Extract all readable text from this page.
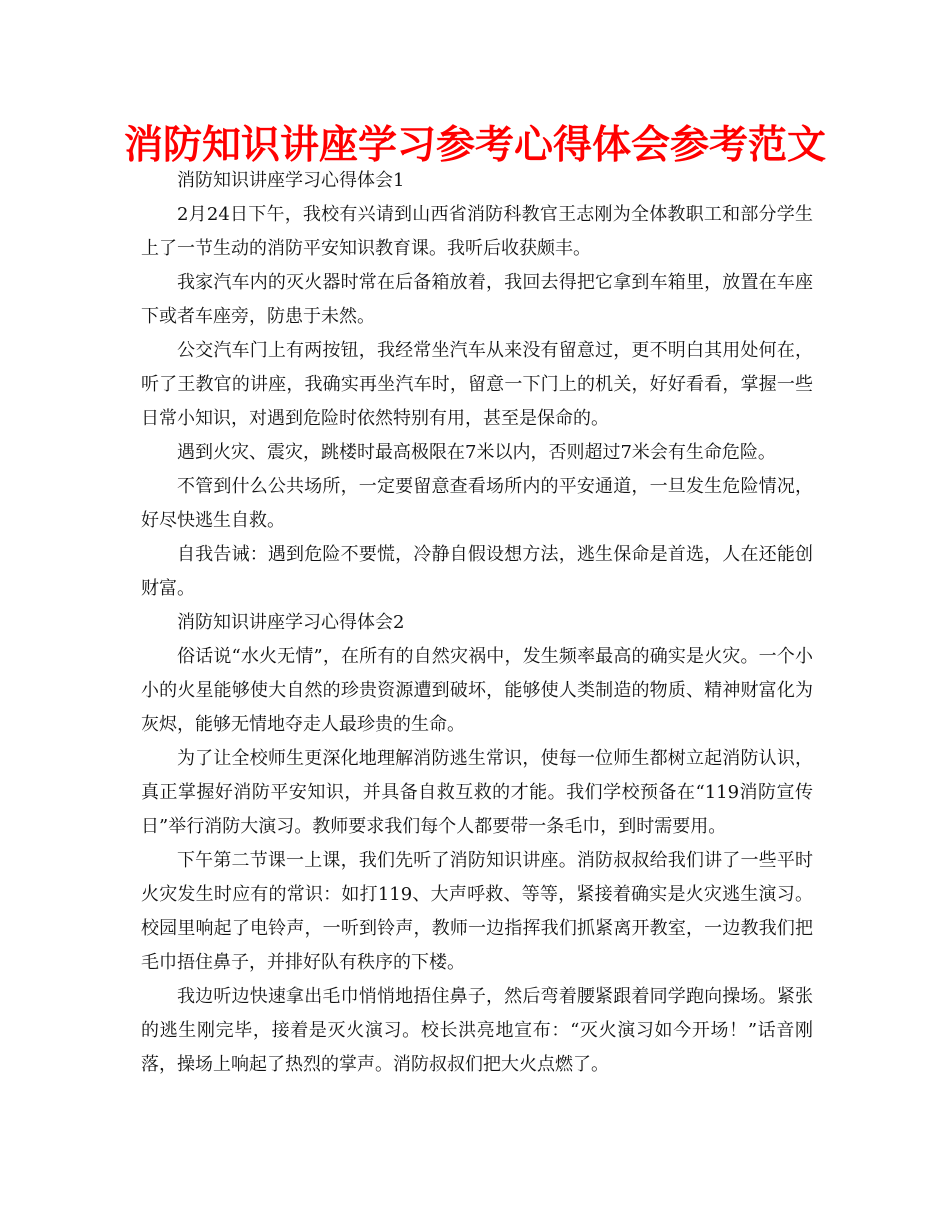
消防知识讲座学习参考心得体会参考范文

消防知识讲座学习心得体会1

2月24日下午，我校有兴请到山西省消防科教官王志刚为全体教职工和部分学生上了一节生动的消防平安知识教育课。我听后收获颇丰。

我家汽车内的灭火器时常在后备箱放着，我回去得把它拿到车箱里，放置在车座下或者车座旁，防患于未然。

公交汽车门上有两按钮，我经常坐汽车从来没有留意过，更不明白其用处何在，听了王教官的讲座，我确实再坐汽车时，留意一下门上的机关，好好看看，掌握一些日常小知识，对遇到危险时依然特别有用，甚至是保命的。

遇到火灾、震灾，跳楼时最高极限在7米以内，否则超过7米会有生命危险。

不管到什么公共场所，一定要留意查看场所内的平安通道，一旦发生危险情况，好尽快逃生自救。

自我告诫：遇到危险不要慌，冷静自假设想方法，逃生保命是首选，人在还能创财富。

消防知识讲座学习心得体会2

俗话说“水火无情”，在所有的自然灾祸中，发生频率最高的确实是火灾。一个小小的火星能够使大自然的珍贵资源遭到破坏，能够使人类制造的物质、精神财富化为灰烬，能够无情地夺走人最珍贵的生命。

为了让全校师生更深化地理解消防逃生常识，使每一位师生都树立起消防认识，真正掌握好消防平安知识，并具备自救互救的才能。我们学校预备在“119消防宣传日”举行消防大演习。教师要求我们每个人都要带一条毛巾，到时需要用。

下午第二节课一上课，我们先听了消防知识讲座。消防叔叔给我们讲了一些平时火灾发生时应有的常识：如打119、大声呼救、等等，紧接着确实是火灾逃生演习。校园里响起了电铃声，一听到铃声，教师一边指挥我们抓紧离开教室，一边教我们把毛巾捂住鼻子，并排好队有秩序的下楼。

我边听边快速拿出毛巾悄悄地捂住鼻子，然后弯着腰紧跟着同学跑向操场。紧张的逃生刚完毕，接着是灭火演习。校长洪亮地宣布：“灭火演习如今开场！”话音刚落，操场上响起了热烈的掌声。消防叔叔们把大火点燃了。
